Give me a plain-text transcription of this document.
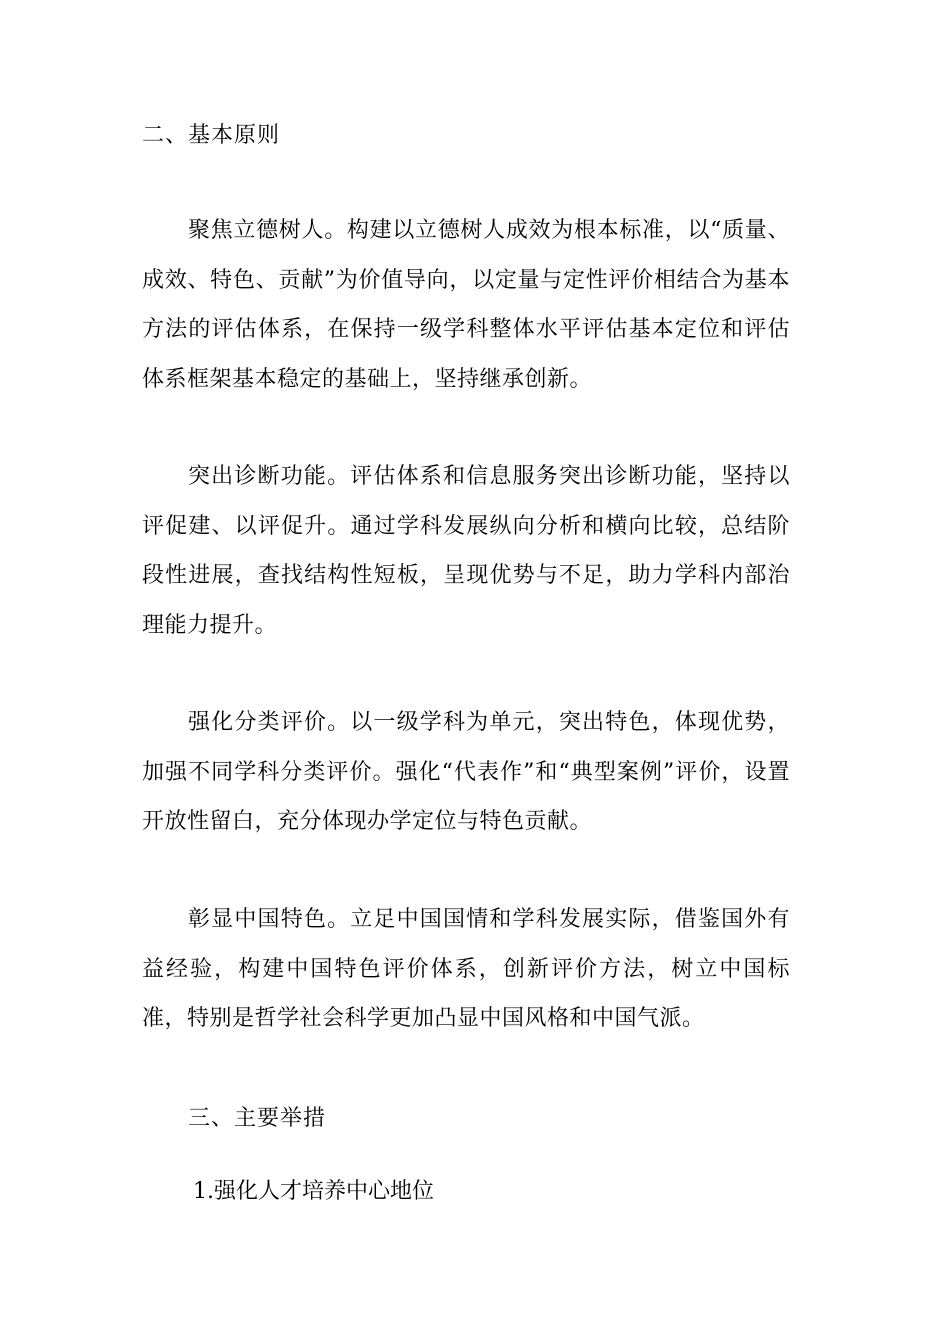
二、基本原则

聚焦立德树人。构建以立德树人成效为根本标准，以“质量、成效、特色、贡献”为价值导向，以定量与定性评价相结合为基本方法的评估体系，在保持一级学科整体水平评估基本定位和评估体系框架基本稳定的基础上，坚持继承创新。

突出诊断功能。评估体系和信息服务突出诊断功能，坚持以评促建、以评促升。通过学科发展纵向分析和横向比较，总结阶段性进展，查找结构性短板，呈现优势与不足，助力学科内部治理能力提升。

强化分类评价。以一级学科为单元，突出特色，体现优势，加强不同学科分类评价。强化“代表作”和“典型案例”评价，设置开放性留白，充分体现办学定位与特色贡献。

彰显中国特色。立足中国国情和学科发展实际，借鉴国外有益经验，构建中国特色评价体系，创新评价方法，树立中国标准，特别是哲学社会科学更加凸显中国风格和中国气派。

三、主要举措
1.强化人才培养中心地位
